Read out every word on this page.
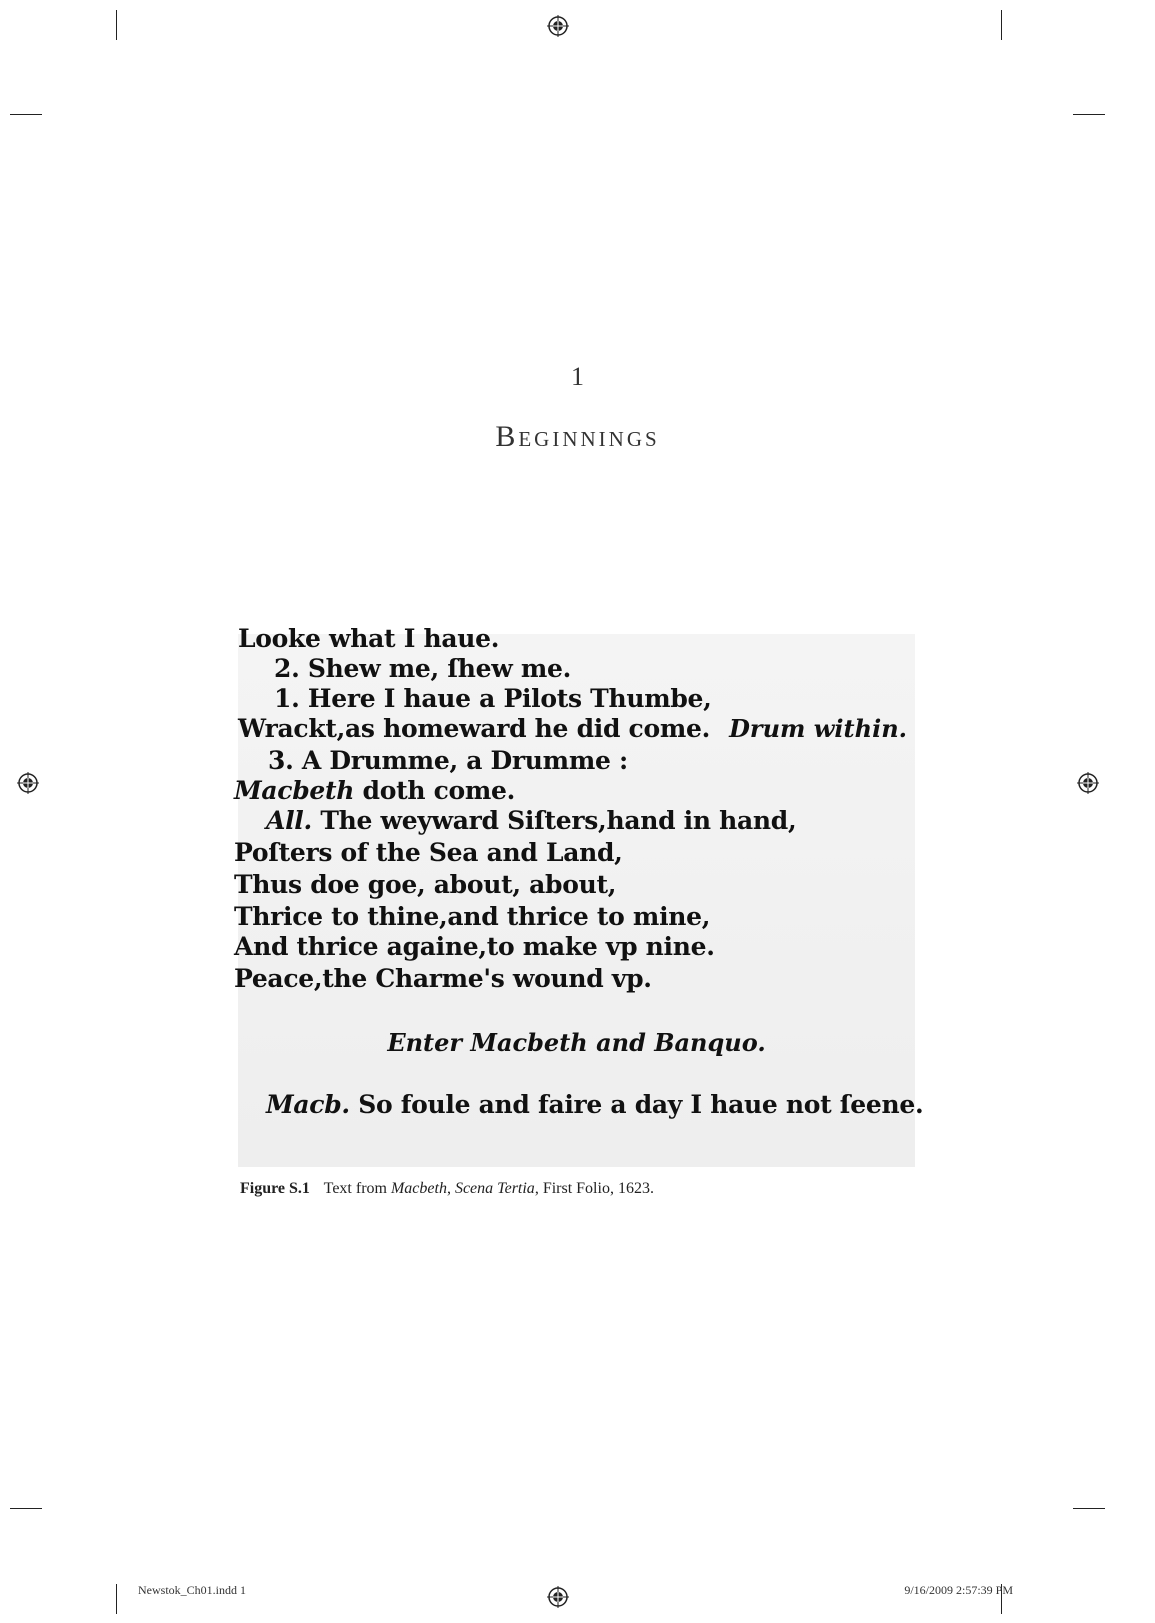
1
Beginnings
Looke what I haue.
2. Shew me, ſhew me.
1. Here I haue a Pilots Thumbe,
Wrackt,as homeward he did come. Drum within.
3. A Drumme, a Drumme :
Macbeth doth come.
All. The weyward Siſters,hand in hand,
Poſters of the Sea and Land,
Thus doe goe, about, about,
Thrice to thine,and thrice to mine,
And thrice againe,to make vp nine.
Peace,the Charme's wound vp.
Enter Macbeth and Banquo.
Macb. So foule and faire a day I haue not ſeene.
Figure S.1 Text from Macbeth, Scena Tertia, First Folio, 1623.
Newstok_Ch01.indd 1	9/16/2009 2:57:39 PM
